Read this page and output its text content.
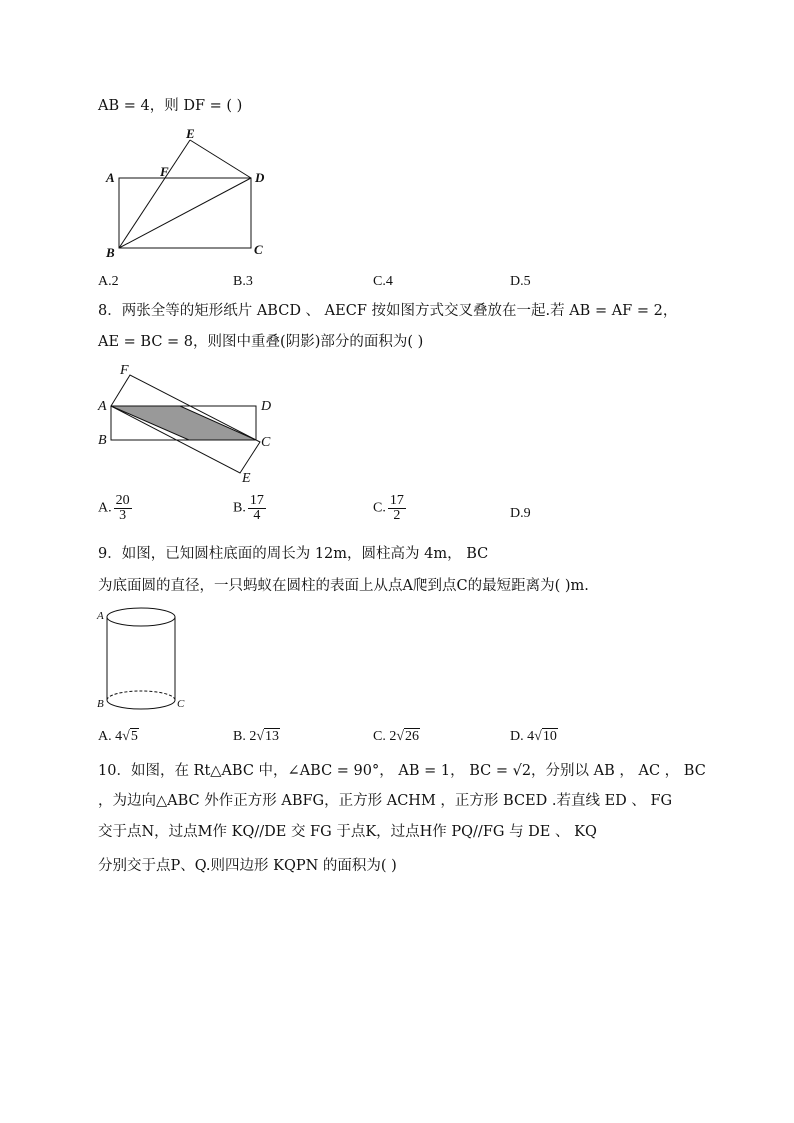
AB = 4，则 DF = ( )
E
A	F	D
B	C
A.2	B.3	C.4	D.5
8．两张全等的矩形纸片 ABCD 、 AECF 按如图方式交叉叠放在一起.若 AB = AF = 2，
AE = BC = 8，则图中重叠(阴影)部分的面积为( )
F
A	D
B	C
E
A. $\frac{20}{3}$	B. $\frac{17}{4}$	C. $\frac{17}{2}$	D.9
9．如图，已知圆柱底面的周长为 12m，圆柱高为 4m， BC
为底面圆的直径，一只蚂蚁在圆柱的表面上从点A爬到点C的最短距离为( )m.
A
B	C
A. 4√5	B. 2√13	C. 2√26	D. 4√10
10．如图，在 Rt△ABC 中，∠ABC = 90°， AB = 1， BC = √2，分别以 AB ， AC ， BC
，为边向△ABC 外作正方形 ABFG，正方形 ACHM ，正方形 BCED .若直线 ED 、 FG
交于点N，过点M作 KQ//DE 交 FG 于点K，过点H作 PQ//FG 与 DE 、 KQ
分别交于点P、Q.则四边形 KQPN 的面积为( )
